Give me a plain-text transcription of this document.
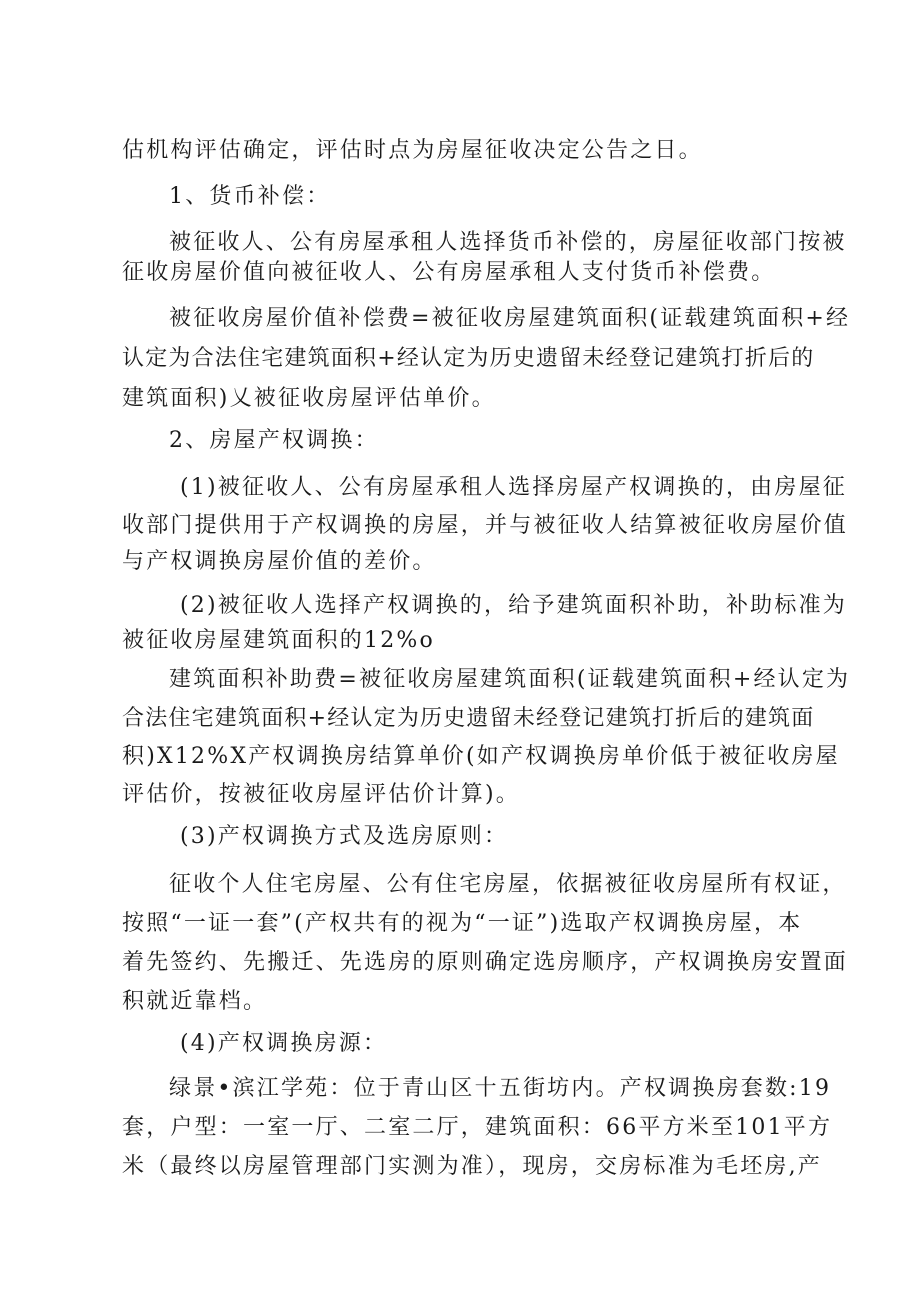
估机构评估确定，评估时点为房屋征收决定公告之日。

1、货币补偿：

被征收人、公有房屋承租人选择货币补偿的，房屋征收部门按被

征收房屋价值向被征收人、公有房屋承租人支付货币补偿费。

被征收房屋价值补偿费=被征收房屋建筑面积(证载建筑面积+经

认定为合法住宅建筑面积+经认定为历史遗留未经登记建筑打折后的

建筑面积)乂被征收房屋评估单价。

2、房屋产权调换：

(1)被征收人、公有房屋承租人选择房屋产权调换的，由房屋征

收部门提供用于产权调换的房屋，并与被征收人结算被征收房屋价值

与产权调换房屋价值的差价。

(2)被征收人选择产权调换的，给予建筑面积补助，补助标准为

被征收房屋建筑面积的12%o

建筑面积补助费=被征收房屋建筑面积(证载建筑面积+经认定为

合法住宅建筑面积+经认定为历史遗留未经登记建筑打折后的建筑面

积)X12%X产权调换房结算单价(如产权调换房单价低于被征收房屋

评估价，按被征收房屋评估价计算)。

(3)产权调换方式及选房原则：

征收个人住宅房屋、公有住宅房屋，依据被征收房屋所有权证，

按照“一证一套”(产权共有的视为“一证”)选取产权调换房屋，本

着先签约、先搬迁、先选房的原则确定选房顺序，产权调换房安置面

积就近靠档。

(4)产权调换房源：

绿景•滨江学苑：位于青山区十五街坊内。产权调换房套数:19

套，户型：一室一厅、二室二厅，建筑面积：66平方米至101平方

米（最终以房屋管理部门实测为准），现房，交房标准为毛坯房,产
